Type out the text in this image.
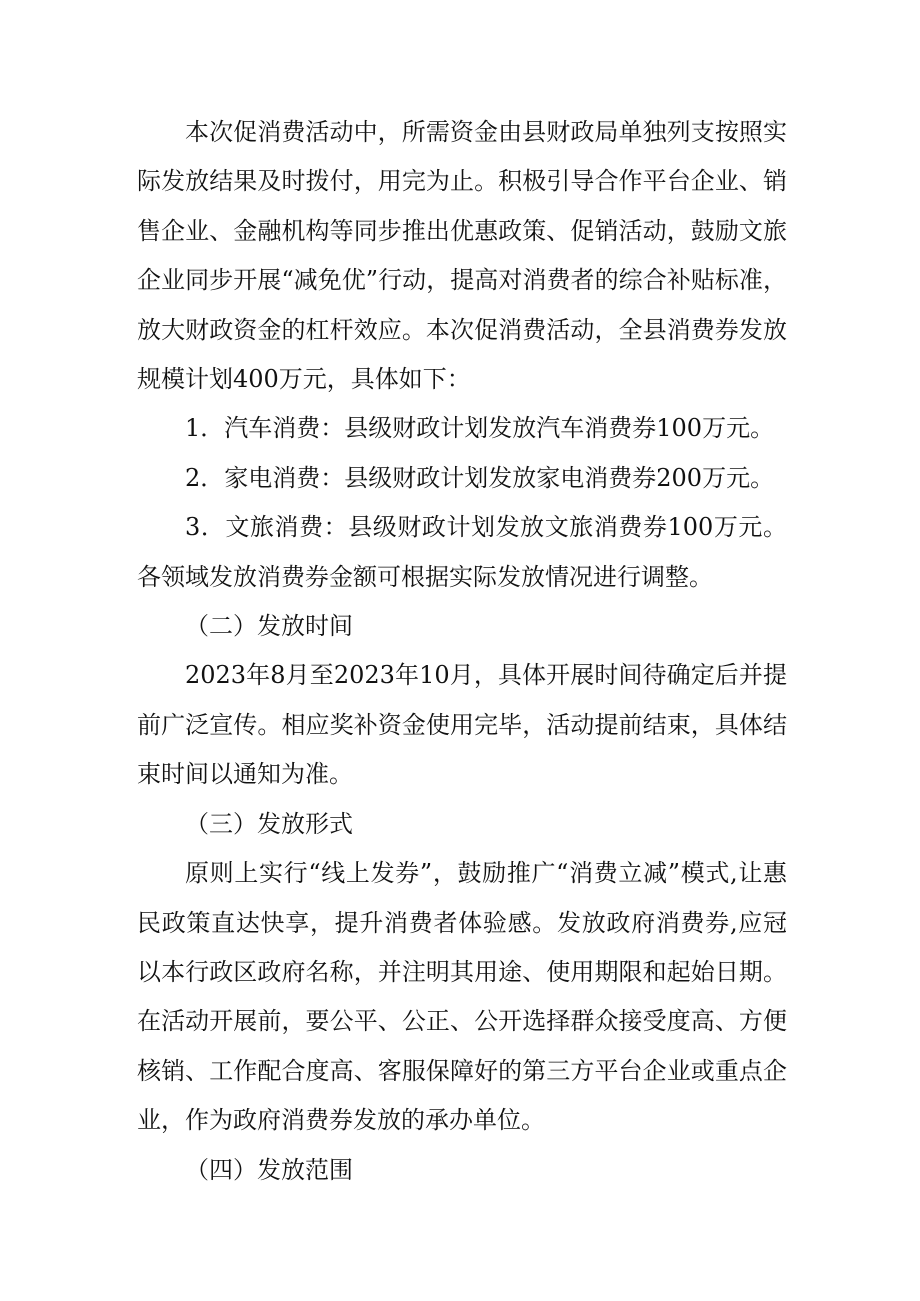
本次促消费活动中，所需资金由县财政局单独列支按照实际发放结果及时拨付，用完为止。积极引导合作平台企业、销售企业、金融机构等同步推出优惠政策、促销活动，鼓励文旅企业同步开展“减免优”行动，提高对消费者的综合补贴标准，放大财政资金的杠杆效应。本次促消费活动，全县消费券发放规模计划400万元，具体如下：

1．汽车消费：县级财政计划发放汽车消费券100万元。

2．家电消费：县级财政计划发放家电消费券200万元。

3．文旅消费：县级财政计划发放文旅消费券100万元。各领域发放消费券金额可根据实际发放情况进行调整。

（二）发放时间

2023年8月至2023年10月，具体开展时间待确定后并提前广泛宣传。相应奖补资金使用完毕，活动提前结束，具体结束时间以通知为准。

（三）发放形式

原则上实行“线上发券”，鼓励推广“消费立减”模式,让惠民政策直达快享，提升消费者体验感。发放政府消费券,应冠以本行政区政府名称，并注明其用途、使用期限和起始日期。在活动开展前，要公平、公正、公开选择群众接受度高、方便核销、工作配合度高、客服保障好的第三方平台企业或重点企业，作为政府消费券发放的承办单位。

（四）发放范围
